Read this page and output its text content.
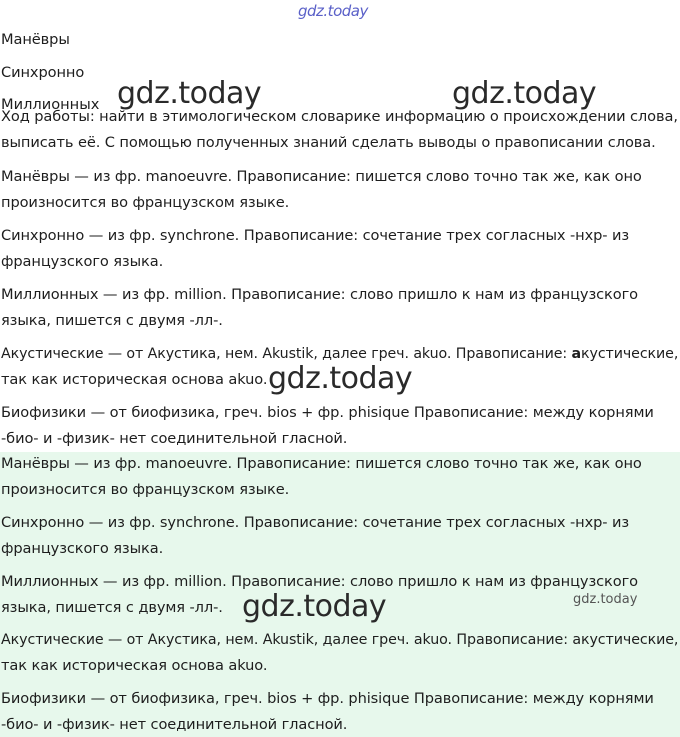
gdz.today
Манёвры
Синхронно
Миллионных
Ход работы: найти в этимологическом словарике информацию о происхождении слова,
выписать её. С помощью полученных знаний сделать выводы о правописании слова.
Манёвры — из фр. manoeuvre. Правописание: пишется слово точно так же, как оно
произносится во французском языке.
Синхронно — из фр. synchrone. Правописание: сочетание трех согласных -нхр- из
французского языка.
Миллионных — из фр. million. Правописание: слово пришло к нам из французского
языка, пишется с двумя -лл-.
Акустические — от Акустика, нем. Akustik, далее греч. akuo. Правописание: акустические,
так как историческая основа akuo.
Биофизики — от биофизика, греч. bios + фр. phisique Правописание: между корнями
-био- и -физик- нет соединительной гласной.
Манёвры — из фр. manoeuvre. Правописание: пишется слово точно так же, как оно
произносится во французском языке.
Синхронно — из фр. synchrone. Правописание: сочетание трех согласных -нхр- из
французского языка.
Миллионных — из фр. million. Правописание: слово пришло к нам из французского
языка, пишется с двумя -лл-.
Акустические — от Акустика, нем. Akustik, далее греч. akuo. Правописание: акустические,
так как историческая основа akuo.
Биофизики — от биофизика, греч. bios + фр. phisique Правописание: между корнями
-био- и -физик- нет соединительной гласной.
gdz.today	gdz.today
gdz.today
gdz.today	gdz.today
